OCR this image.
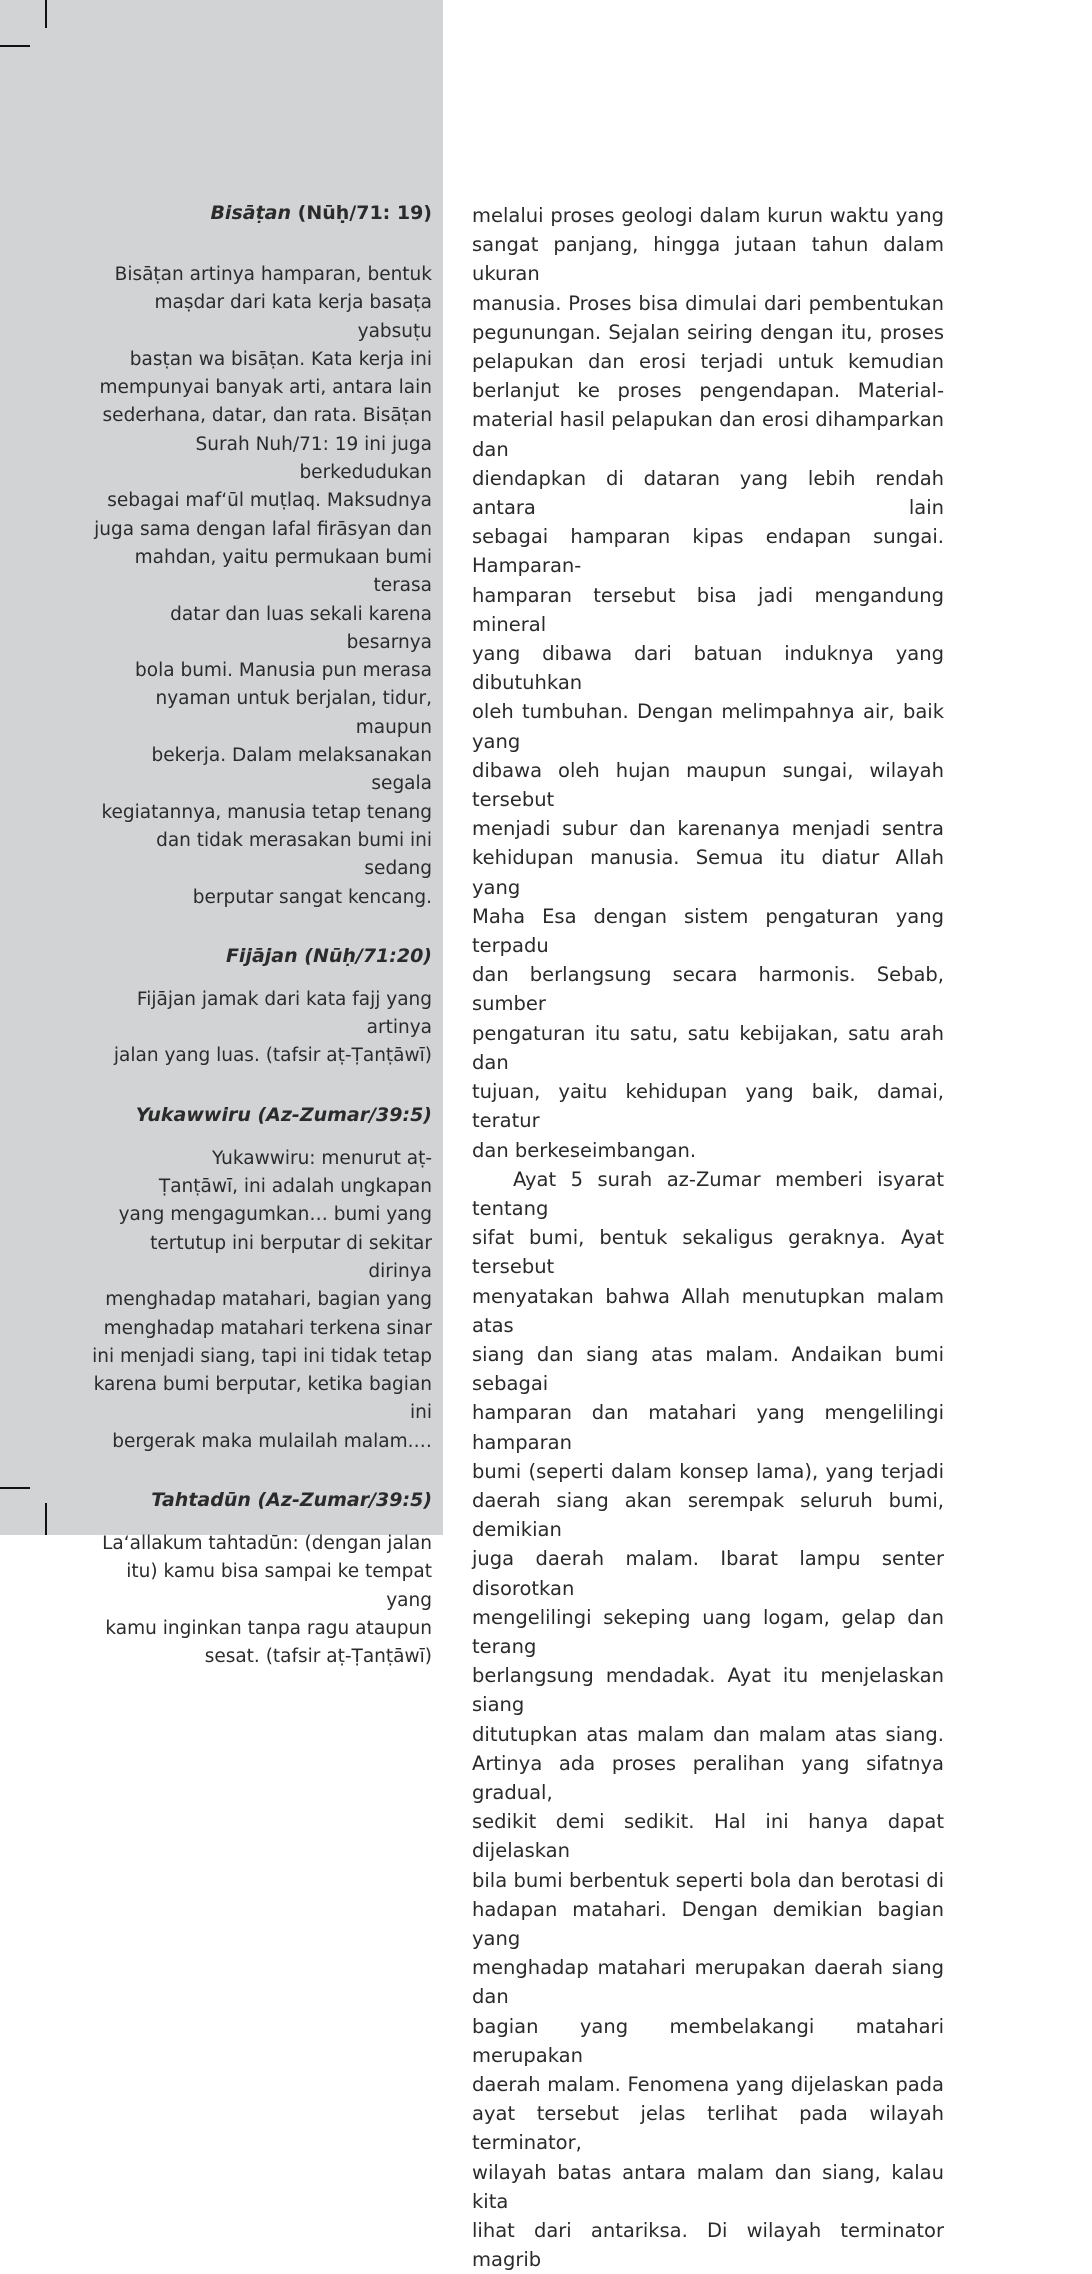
Bisāṭan (Nūḥ/71: 19)

Bisāṭan artinya hamparan, bentuk
maṣdar dari kata kerja basaṭa yabsuṭu
basṭan wa bisāṭan. Kata kerja ini
mempunyai banyak arti, antara lain
sederhana, datar, dan rata. Bisāṭan
Surah Nuh/71: 19 ini juga berkedudukan
sebagai maf‘ūl muṭlaq. Maksudnya
juga sama dengan lafal firāsyan dan
mahdan, yaitu permukaan bumi terasa
datar dan luas sekali karena besarnya
bola bumi. Manusia pun merasa
nyaman untuk berjalan, tidur, maupun
bekerja. Dalam melaksanakan segala
kegiatannya, manusia tetap tenang
dan tidak merasakan bumi ini sedang
berputar sangat kencang.

Fijājan (Nūḥ/71:20)

Fijājan jamak dari kata fajj yang artinya
jalan yang luas. (tafsir aṭ-Ṭanṭāwī)

Yukawwiru (Az-Zumar/39:5)

Yukawwiru: menurut aṭ-
Ṭanṭāwī, ini adalah ungkapan
yang mengagumkan… bumi yang
tertutup ini berputar di sekitar dirinya
menghadap matahari, bagian yang
menghadap matahari terkena sinar
ini menjadi siang, tapi ini tidak tetap
karena bumi berputar, ketika bagian ini
bergerak maka mulailah malam.…

Tahtadūn (Az-Zumar/39:5)

La‘allakum tahtadūn: (dengan jalan
itu) kamu bisa sampai ke tempat yang
kamu inginkan tanpa ragu ataupun
sesat. (tafsir aṭ-Ṭanṭāwī)

melalui proses geologi dalam kurun waktu yang
sangat panjang, hingga jutaan tahun dalam ukuran
manusia. Proses bisa dimulai dari pembentukan
pegunungan. Sejalan seiring dengan itu, proses
pelapukan dan erosi terjadi untuk kemudian
berlanjut ke proses pengendapan. Material-
material hasil pelapukan dan erosi dihamparkan dan
diendapkan di dataran yang lebih rendah antara lain
sebagai hamparan kipas endapan sungai. Hamparan-
hamparan tersebut bisa jadi mengandung mineral
yang dibawa dari batuan induknya yang dibutuhkan
oleh tumbuhan. Dengan melimpahnya air, baik yang
dibawa oleh hujan maupun sungai, wilayah tersebut
menjadi subur dan karenanya menjadi sentra
kehidupan manusia. Semua itu diatur Allah yang
Maha Esa dengan sistem pengaturan yang terpadu
dan berlangsung secara harmonis. Sebab, sumber
pengaturan itu satu, satu kebijakan, satu arah dan
tujuan, yaitu kehidupan yang baik, damai, teratur
dan berkeseimbangan.

Ayat 5 surah az-Zumar memberi isyarat tentang
sifat bumi, bentuk sekaligus geraknya. Ayat tersebut
menyatakan bahwa Allah menutupkan malam atas
siang dan siang atas malam. Andaikan bumi sebagai
hamparan dan matahari yang mengelilingi hamparan
bumi (seperti dalam konsep lama), yang terjadi
daerah siang akan serempak seluruh bumi, demikian
juga daerah malam. Ibarat lampu senter disorotkan
mengelilingi sekeping uang logam, gelap dan terang
berlangsung mendadak. Ayat itu menjelaskan siang
ditutupkan atas malam dan malam atas siang.
Artinya ada proses peralihan yang sifatnya gradual,
sedikit demi sedikit. Hal ini hanya dapat dijelaskan
bila bumi berbentuk seperti bola dan berotasi di
hadapan matahari. Dengan demikian bagian yang
menghadap matahari merupakan daerah siang dan
bagian yang membelakangi matahari merupakan
daerah malam. Fenomena yang dijelaskan pada
ayat tersebut jelas terlihat pada wilayah terminator,
wilayah batas antara malam dan siang, kalau kita
lihat dari antariksa. Di wilayah terminator magrib
